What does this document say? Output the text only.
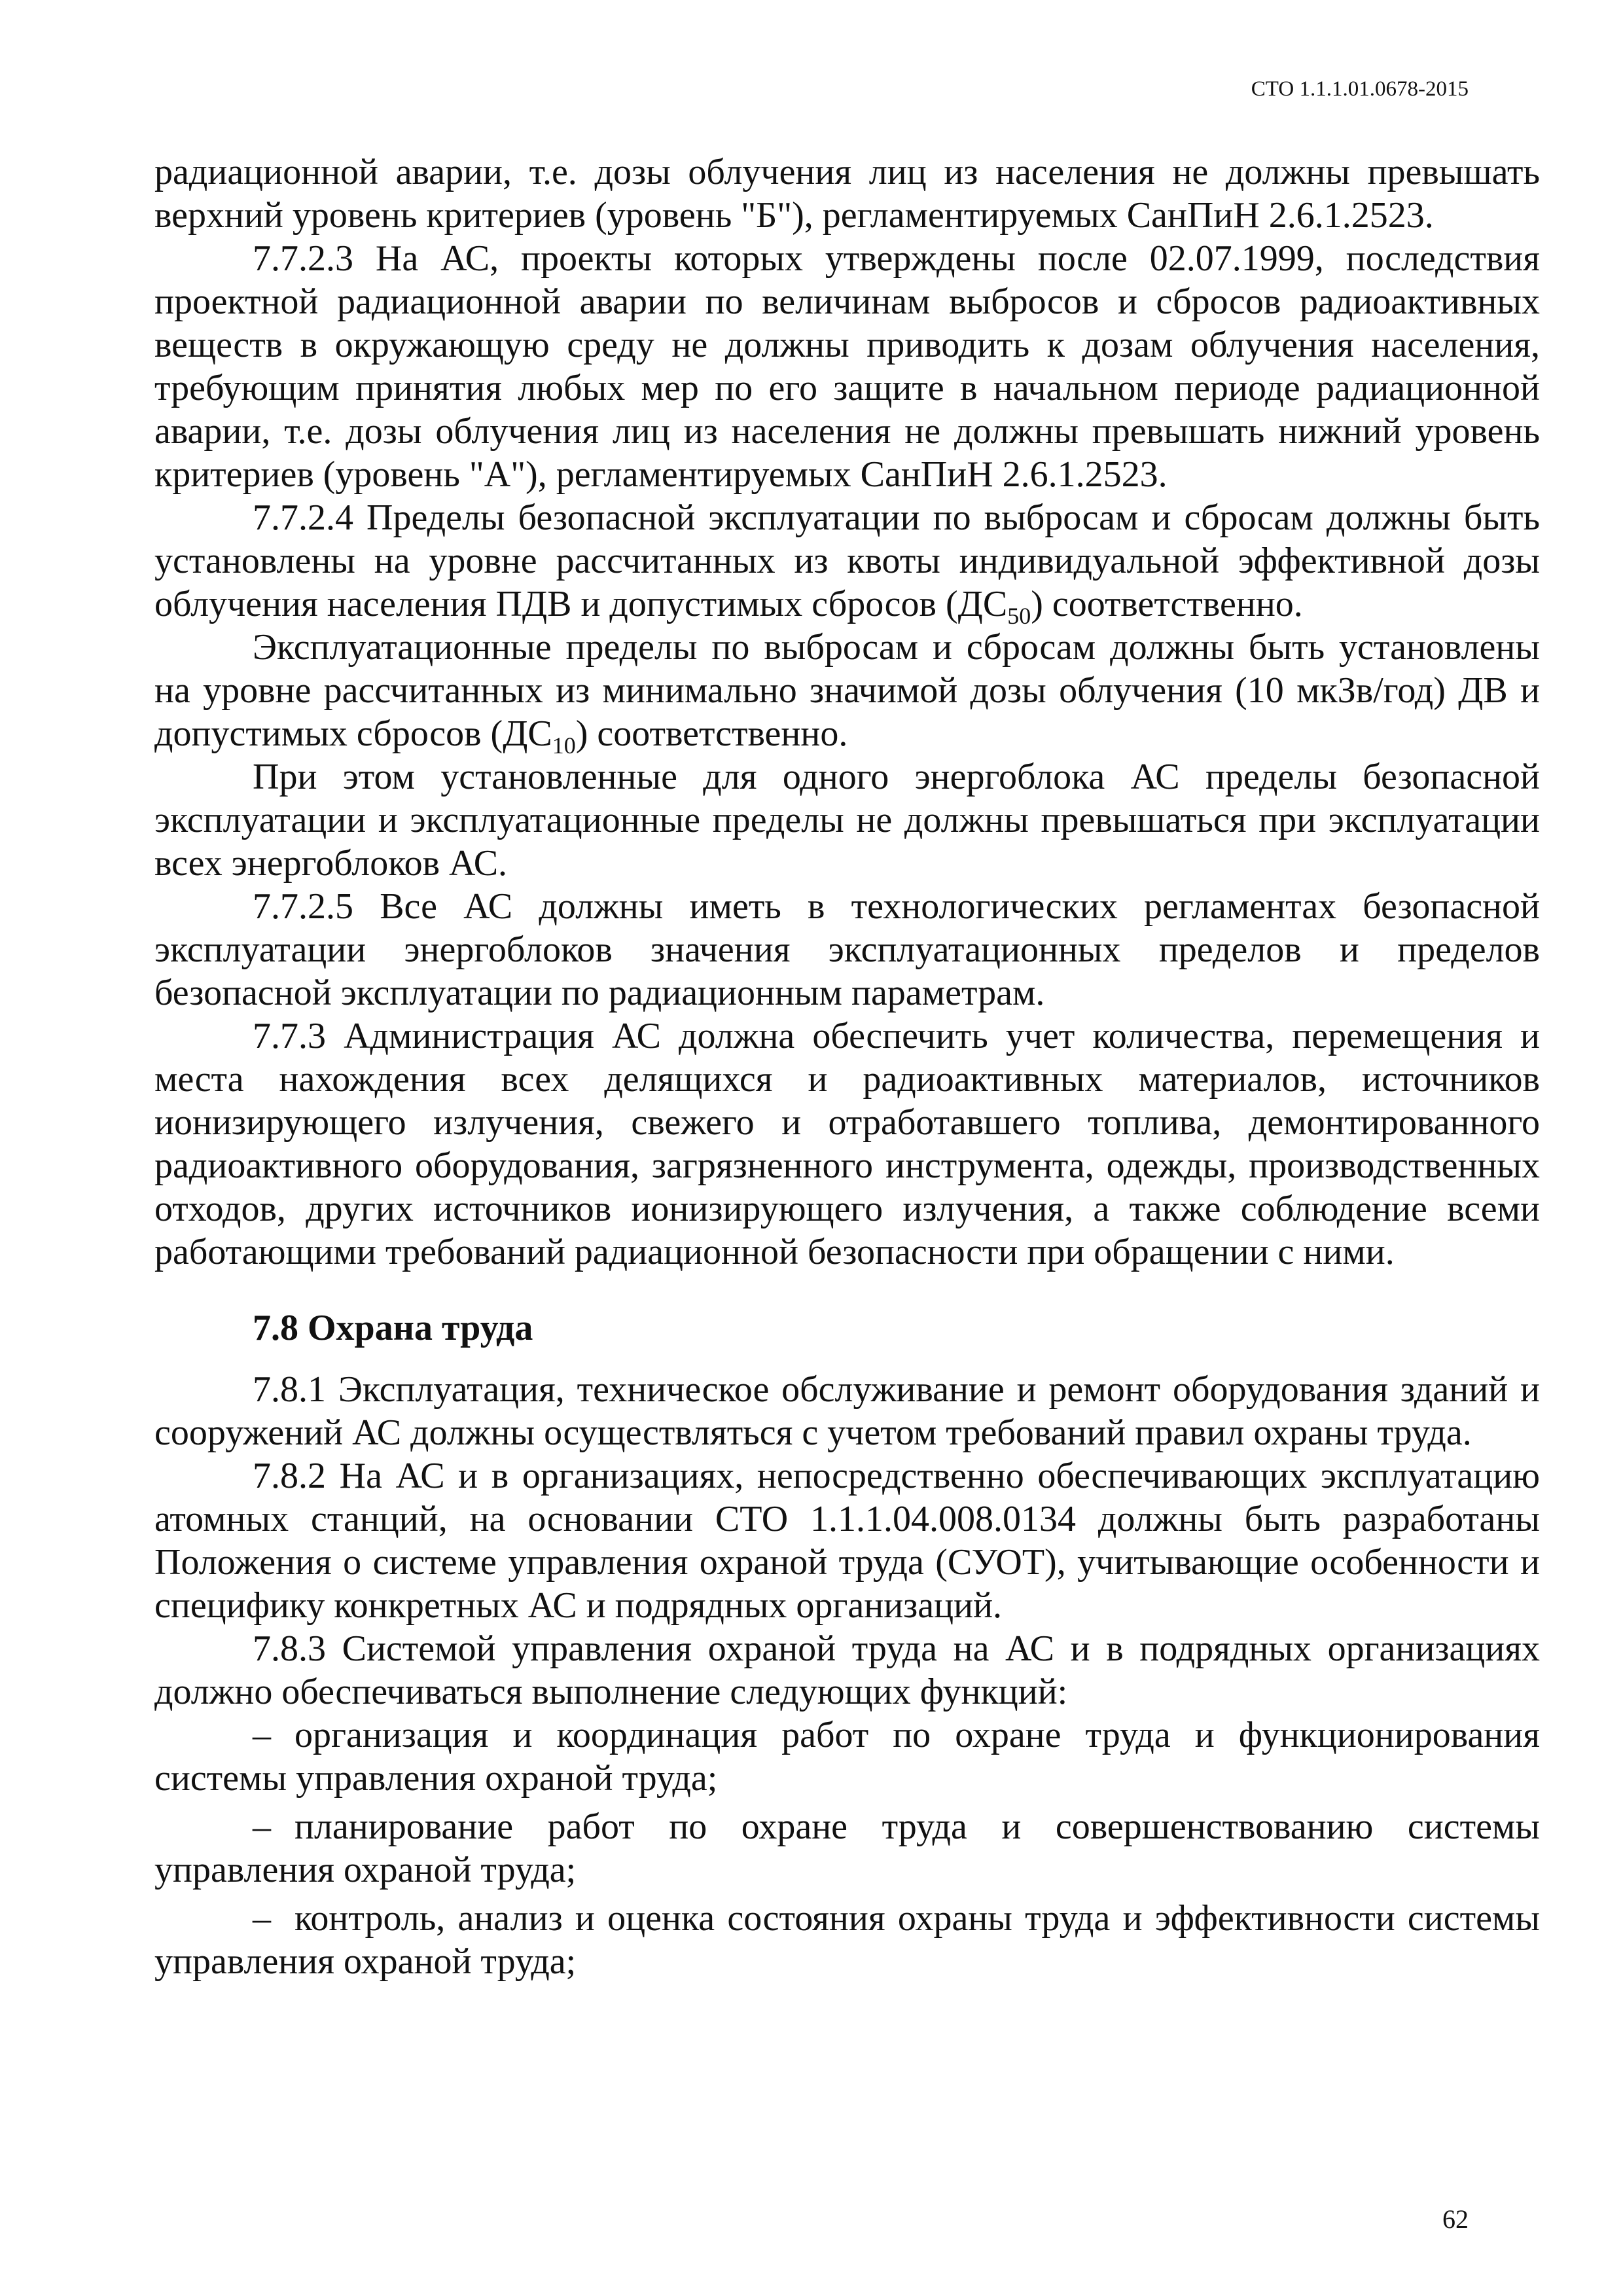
СТО 1.1.1.01.0678-2015

радиационной аварии, т.е. дозы облучения лиц из населения не должны превышать верхний уровень критериев (уровень "Б"), регламентируемых СанПиН 2.6.1.2523.

7.7.2.3 На АС, проекты которых утверждены после 02.07.1999, последствия проектной радиационной аварии по величинам выбросов и сбросов радиоактивных веществ в окружающую среду не должны приводить к дозам облучения населения, требующим принятия любых мер по его защите в начальном периоде радиационной аварии, т.е. дозы облучения лиц из населения не должны превышать нижний уровень критериев (уровень "А"), регламентируемых СанПиН 2.6.1.2523.

7.7.2.4 Пределы безопасной эксплуатации по выбросам и сбросам должны быть установлены на уровне рассчитанных из квоты индивидуальной эффективной дозы облучения населения ПДВ и допустимых сбросов $(ДС_{50})$ соответственно.

Эксплуатационные пределы по выбросам и сбросам должны быть установлены на уровне рассчитанных из минимально значимой дозы облучения (10 мкЗв/год) ДВ и допустимых сбросов $(ДС_{10})$ соответственно.

При этом установленные для одного энергоблока АС пределы безопасной эксплуатации и эксплуатационные пределы не должны превышаться при эксплуатации всех энергоблоков АС.

7.7.2.5 Все АС должны иметь в технологических регламентах безопасной эксплуатации энергоблоков значения эксплуатационных пределов и пределов безопасной эксплуатации по радиационным параметрам.

7.7.3 Администрация АС должна обеспечить учет количества, перемещения и места нахождения всех делящихся и радиоактивных материалов, источников ионизирующего излучения, свежего и отработавшего топлива, демонтированного радиоактивного оборудования, загрязненного инструмента, одежды, производственных отходов, других источников ионизирующего излучения, а также соблюдение всеми работающими требований радиационной безопасности при обращении с ними.

7.8 Охрана труда

7.8.1 Эксплуатация, техническое обслуживание и ремонт оборудования зданий и сооружений АС должны осуществляться с учетом требований правил охраны труда.

7.8.2 На АС и в организациях, непосредственно обеспечивающих эксплуатацию атомных станций, на основании СТО 1.1.1.04.008.0134 должны быть разработаны Положения о системе управления охраной труда (СУОТ), учитывающие особенности и специфику конкретных АС и подрядных организаций.

7.8.3 Системой управления охраной труда на АС и в подрядных организациях должно обеспечиваться выполнение следующих функций:

– организация и координация работ по охране труда и функционирования системы управления охраной труда;

– планирование работ по охране труда и совершенствованию системы управления охраной труда;

– контроль, анализ и оценка состояния охраны труда и эффективности системы управления охраной труда;

62
